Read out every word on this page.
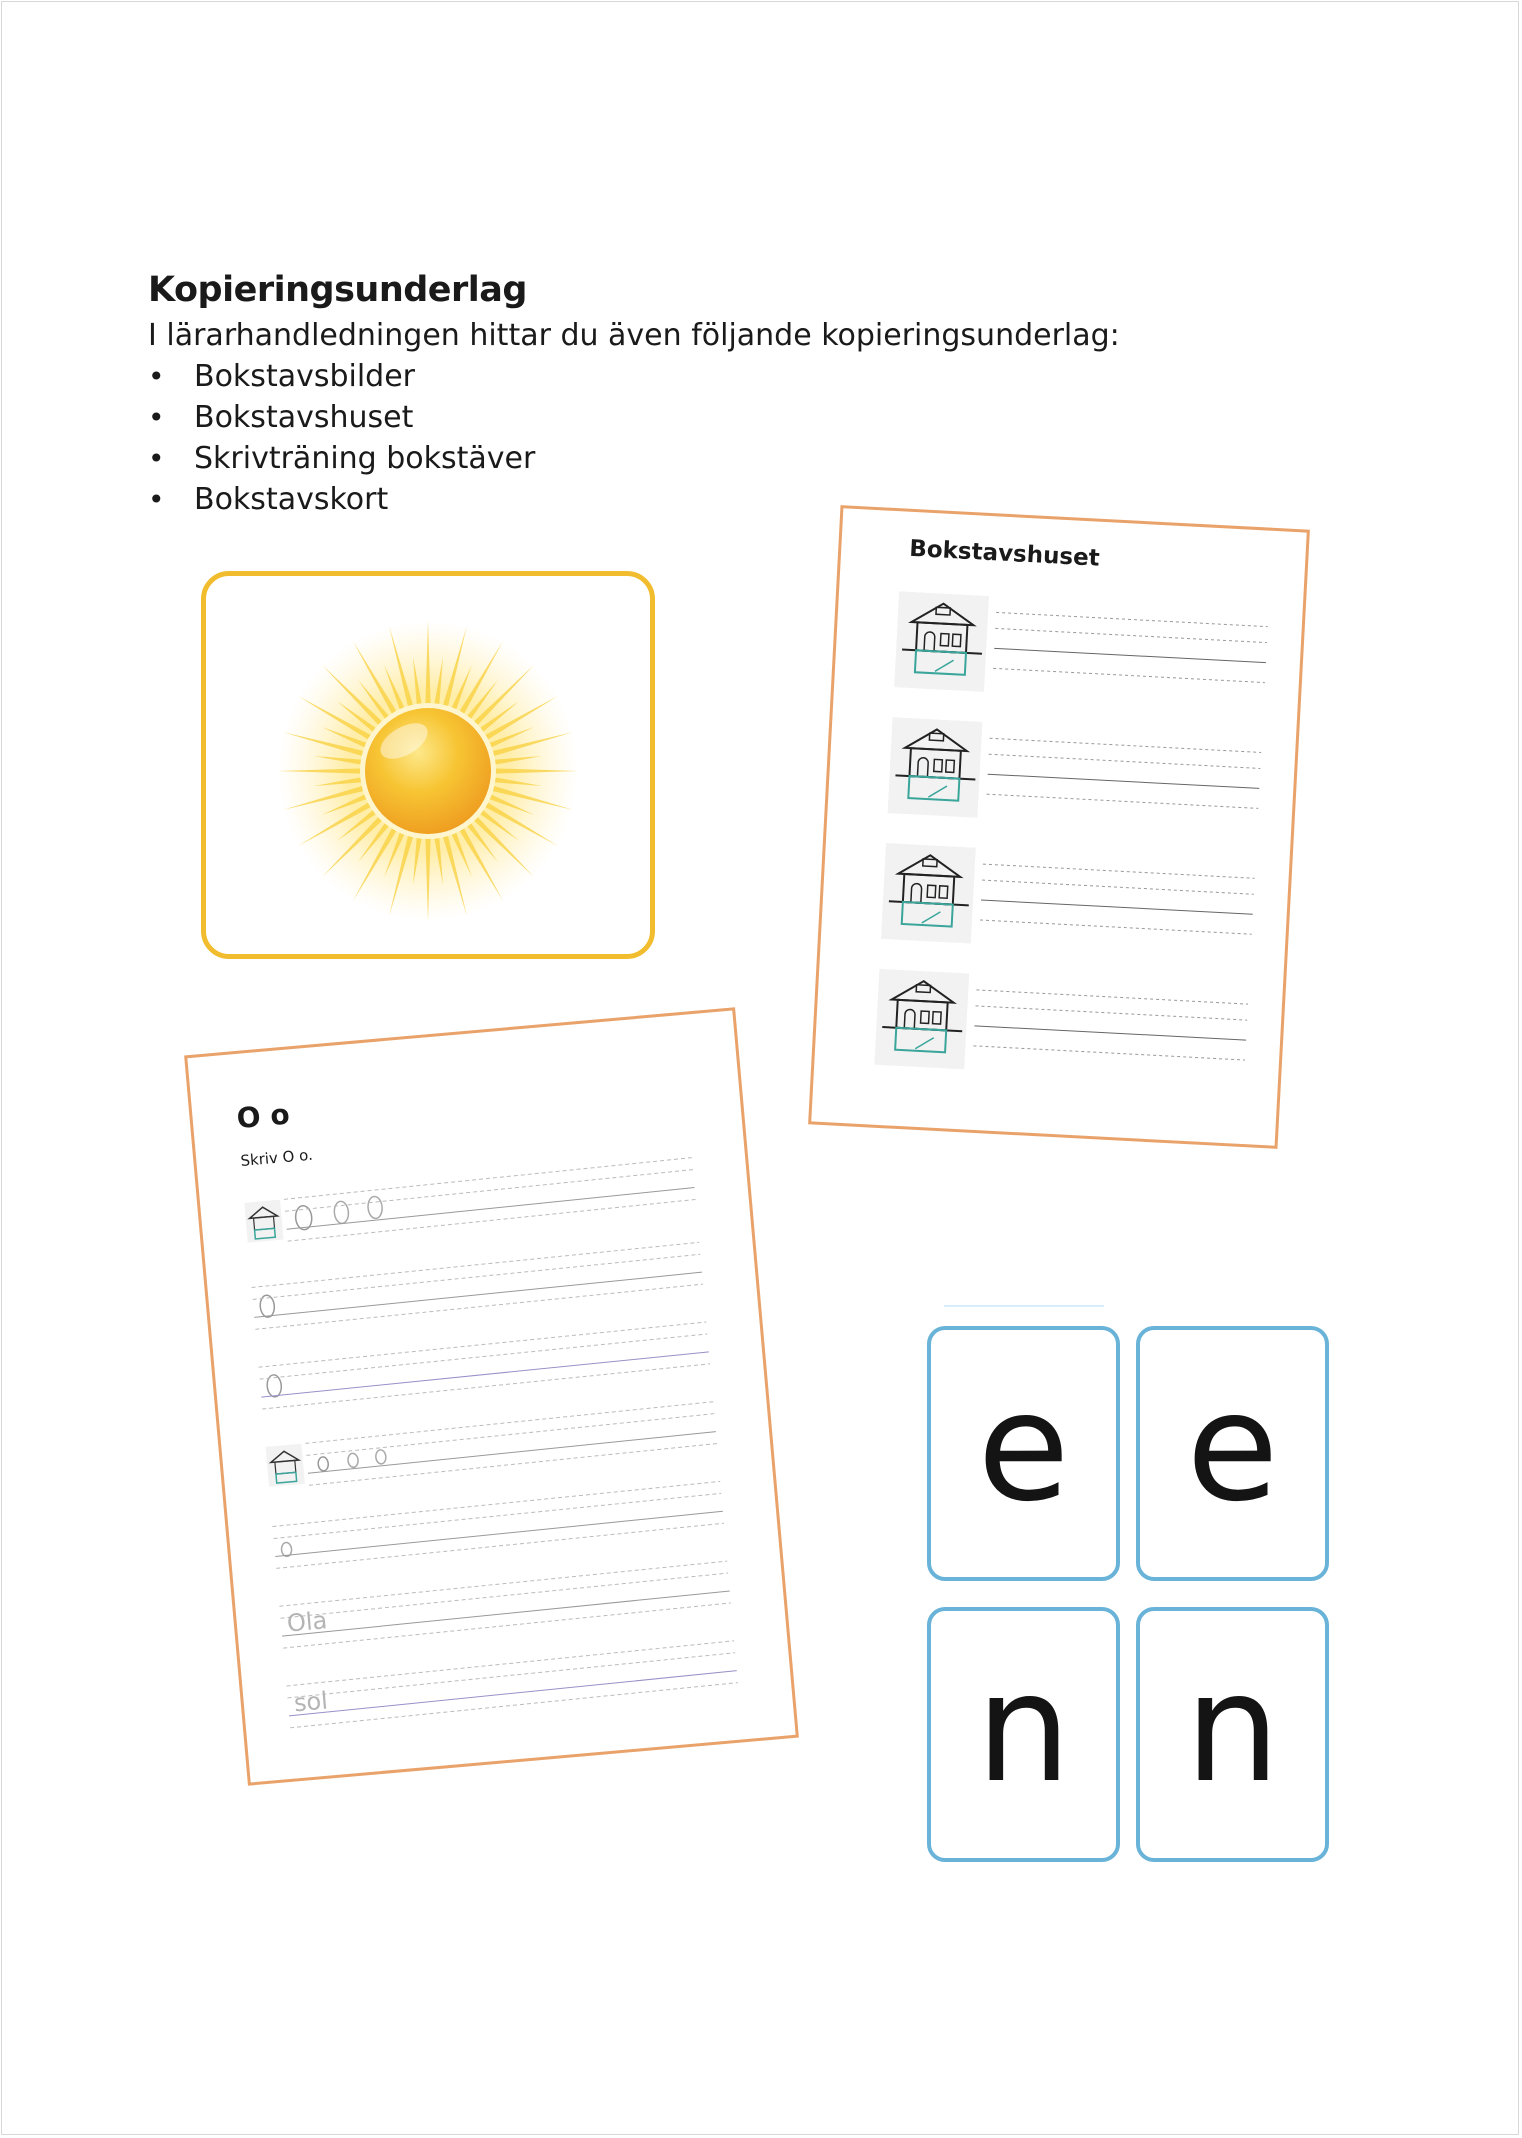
Kopieringsunderlag

I lärarhandledningen hittar du även följande kopieringsunderlag:

• Bokstavsbilder
• Bokstavshuset
• Skrivträning bokstäver
• Bokstavskort
Bokstavshuset
O o
Skriv O o.
Ola
sol
e e
n n
